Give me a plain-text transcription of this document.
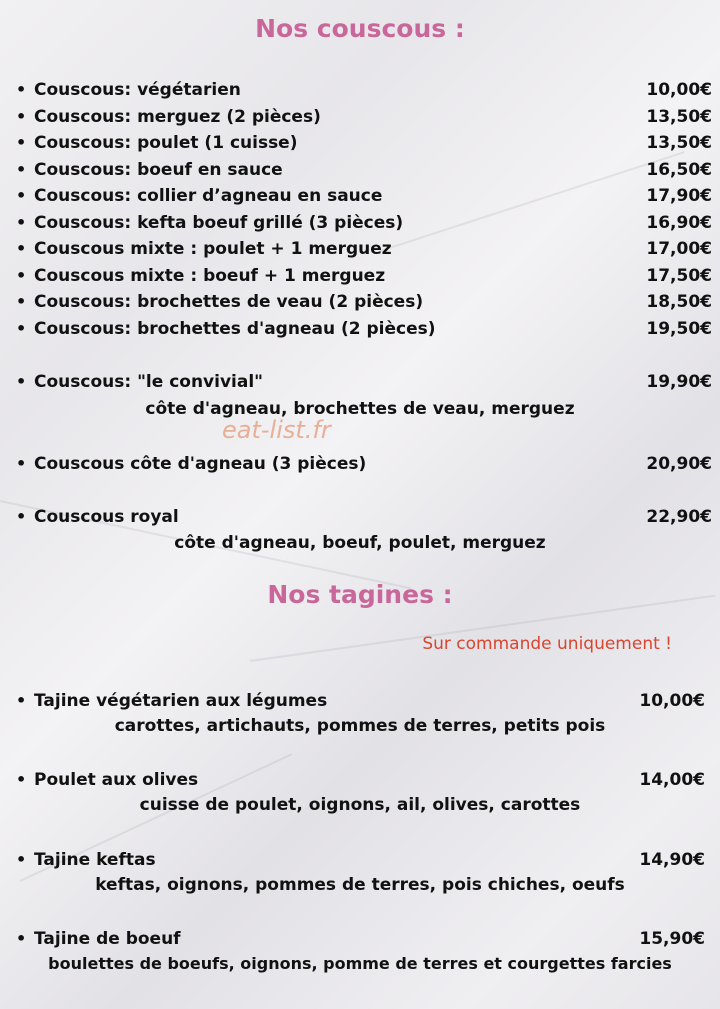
Nos couscous :
• Couscous: végétarien	10,00€
• Couscous: merguez (2 pièces)	13,50€
• Couscous: poulet (1 cuisse)	13,50€
• Couscous: boeuf en sauce	16,50€
• Couscous: collier d’agneau en sauce	17,90€
• Couscous: kefta boeuf grillé (3 pièces)	16,90€
• Couscous mixte : poulet + 1 merguez	17,00€
• Couscous mixte : boeuf + 1 merguez	17,50€
• Couscous: brochettes de veau (2 pièces)	18,50€
• Couscous: brochettes d'agneau (2 pièces)	19,50€
• Couscous: "le convivial"	19,90€
côte d'agneau, brochettes de veau, merguez
eat-list.fr
• Couscous côte d'agneau (3 pièces)	20,90€
• Couscous royal	22,90€
côte d'agneau, boeuf, poulet, merguez
Nos tagines :
Sur commande uniquement !
• Tajine végétarien aux légumes	10,00€
carottes, artichauts, pommes de terres, petits pois
• Poulet aux olives	14,00€
cuisse de poulet, oignons, ail, olives, carottes
• Tajine keftas	14,90€
keftas, oignons, pommes de terres, pois chiches, oeufs
• Tajine de boeuf	15,90€
boulettes de boeufs, oignons, pomme de terres et courgettes farcies
